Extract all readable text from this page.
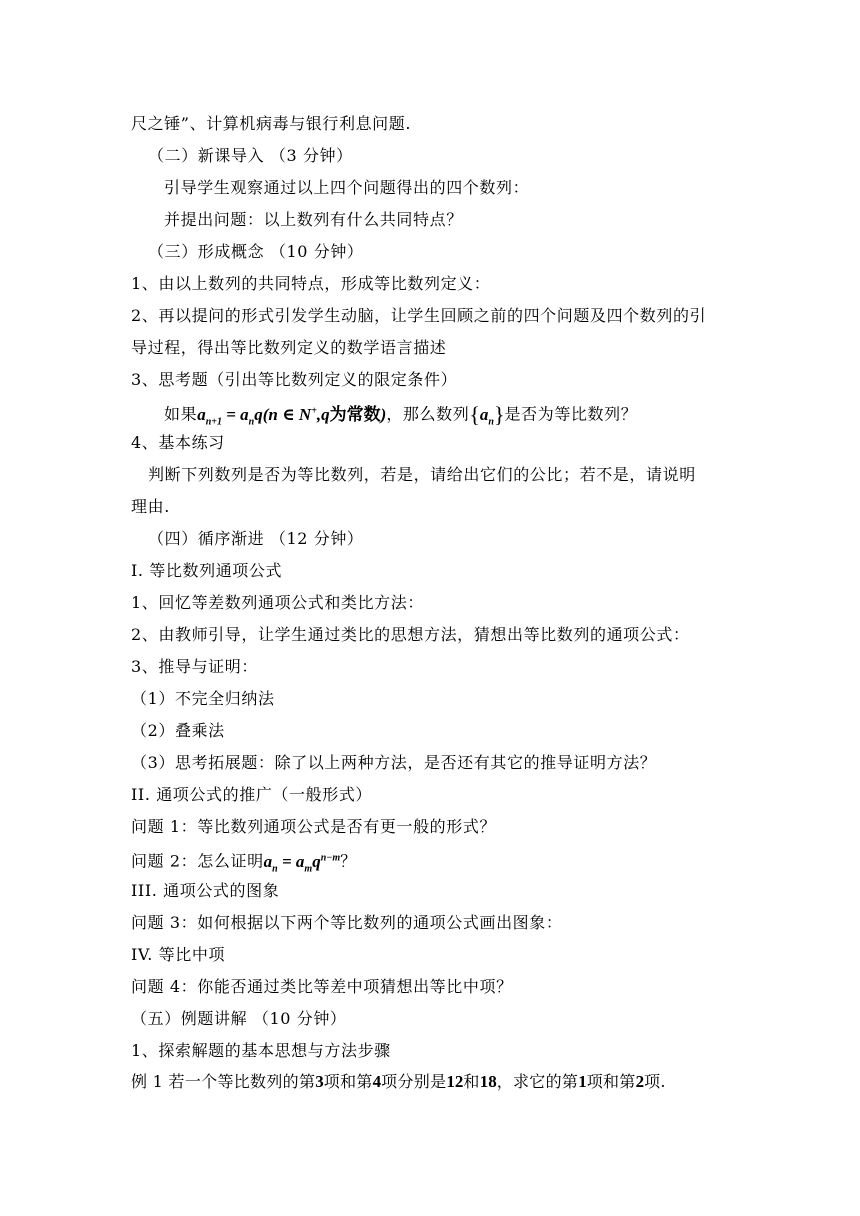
尺之锤”、计算机病毒与银行利息问题.
（二）新课导入 （3 分钟）
引导学生观察通过以上四个问题得出的四个数列：
并提出问题：以上数列有什么共同特点？
（三）形成概念 （10 分钟）
1、由以上数列的共同特点，形成等比数列定义：
2、再以提问的形式引发学生动脑，让学生回顾之前的四个问题及四个数列的引
导过程，得出等比数列定义的数学语言描述
3、思考题（引出等比数列定义的限定条件）
如果$a_{n+1} = a_nq(n$ ∈ N+,q为常数)，那么数列$\{a_n\}$是否为等比数列？
4、基本练习
判断下列数列是否为等比数列，若是，请给出它们的公比；若不是，请说明
理由.
（四）循序渐进 （12 分钟）
I. 等比数列通项公式
1、回忆等差数列通项公式和类比方法：
2、由教师引导，让学生通过类比的思想方法，猜想出等比数列的通项公式：
3、推导与证明：
（1）不完全归纳法
（2）叠乘法
（3）思考拓展题：除了以上两种方法，是否还有其它的推导证明方法？
II. 通项公式的推广（一般形式）
问题 1：等比数列通项公式是否有更一般的形式？
问题 2：怎么证明$a_n = a_mq^{n-m}$？
III. 通项公式的图象
问题 3：如何根据以下两个等比数列的通项公式画出图象：
IV. 等比中项
问题 4：你能否通过类比等差中项猜想出等比中项？
（五）例题讲解 （10 分钟）
1、探索解题的基本思想与方法步骤
例 1 若一个等比数列的第3项和第4项分别是12和18，求它的第1项和第2项.
